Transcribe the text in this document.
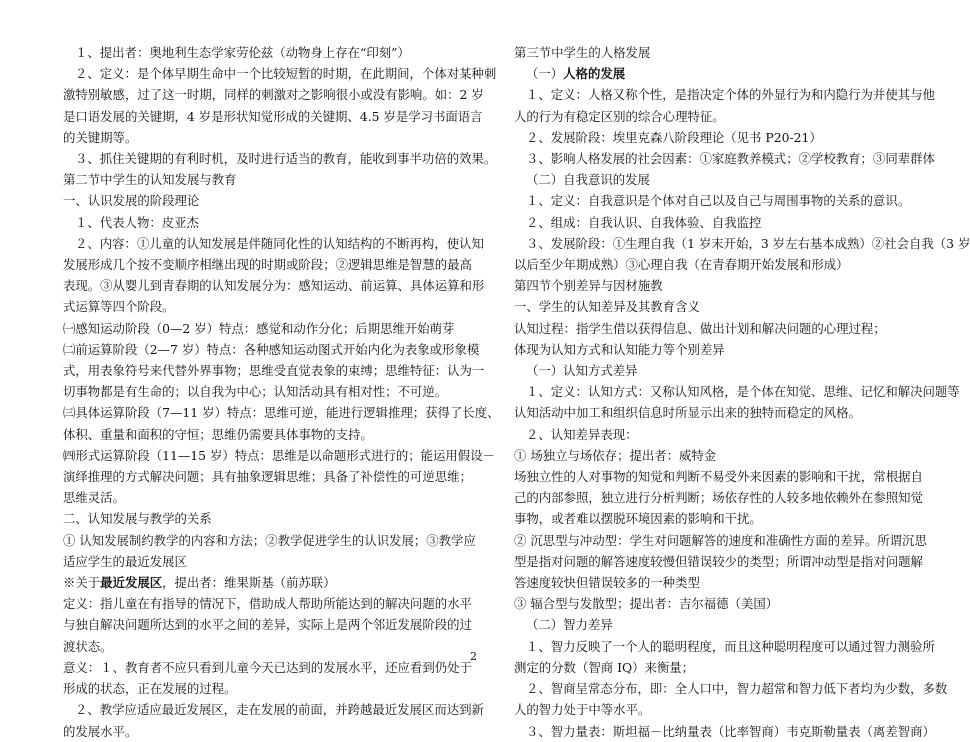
１、提出者：奥地利生态学家劳伦兹（动物身上存在“印刻”）

２、定义：是个体早期生命中一个比较短暂的时期，在此期间，个体对某种刺

激特别敏感，过了这一时期，同样的刺激对之影响很小或没有影响。如：2 岁

是口语发展的关键期，4 岁是形状知觉形成的关键期、4.5 岁是学习书面语言

的关键期等。

３、抓住关键期的有利时机，及时进行适当的教育，能收到事半功倍的效果。

第二节中学生的认知发展与教育

一、认识发展的阶段理论

１、代表人物：皮亚杰

２、内容：①儿童的认知发展是伴随同化性的认知结构的不断再构，使认知

发展形成几个按不变顺序相继出现的时期或阶段；②逻辑思维是智慧的最高

表现。③从婴儿到青春期的认知发展分为：感知运动、前运算、具体运算和形

式运算等四个阶段。

㈠感知运动阶段（0—2 岁）特点：感觉和动作分化；后期思维开始萌芽

㈡前运算阶段（2—7 岁）特点：各种感知运动图式开始内化为表象或形象模

式，用表象符号来代替外界事物；思维受直觉表象的束缚；思维特征：认为一

切事物都是有生命的；以自我为中心；认知活动具有相对性；不可逆。

㈢具体运算阶段（7—11 岁）特点：思维可逆，能进行逻辑推理；获得了长度、

体积、重量和面积的守恒；思维仍需要具体事物的支持。

㈣形式运算阶段（11—15 岁）特点：思维是以命题形式进行的；能运用假设－

演绎推理的方式解决问题；具有抽象逻辑思维；具备了补偿性的可逆思维；

思维灵活。

二、认知发展与教学的关系

① 认知发展制约教学的内容和方法；②教学促进学生的认识发展；③教学应

适应学生的最近发展区

※关于最近发展区，提出者：维果斯基（前苏联）

定义：指儿童在有指导的情况下，借助成人帮助所能达到的解决问题的水平

与独自解决问题所达到的水平之间的差异，实际上是两个邻近发展阶段的过

渡状态。

意义：１、教育者不应只看到儿童今天已达到的发展水平，还应看到仍处于

形成的状态，正在发展的过程。

２、教学应适应最近发展区，走在发展的前面，并跨越最近发展区而达到新

的发展水平。

第三节中学生的人格发展

（一）人格的发展

１、定义：人格又称个性，是指决定个体的外显行为和内隐行为并使其与他

人的行为有稳定区别的综合心理特征。

２、发展阶段：埃里克森八阶段理论（见书 P20-21）

３、影响人格发展的社会因素：①家庭教养模式；②学校教育；③同辈群体

（二）自我意识的发展

１、定义：自我意识是个体对自己以及自己与周围事物的关系的意识。

２、组成：自我认识、自我体验、自我监控

３、发展阶段：①生理自我（1 岁末开始，3 岁左右基本成熟）②社会自我（3 岁

以后至少年期成熟）③心理自我（在青春期开始发展和形成）

第四节个别差异与因材施教

一、学生的认知差异及其教育含义

认知过程：指学生借以获得信息、做出计划和解决问题的心理过程；

体现为认知方式和认知能力等个别差异

（一）认知方式差异

１、定义：认知方式：又称认知风格，是个体在知觉、思维、记忆和解决问题等

认知活动中加工和组织信息时所显示出来的独特而稳定的风格。

２、认知差异表现：

① 场独立与场依存；提出者：威特金

场独立性的人对事物的知觉和判断不易受外来因素的影响和干扰，常根据自

己的内部参照，独立进行分析判断；场依存性的人较多地依赖外在参照知觉

事物，或者难以摆脱环境因素的影响和干扰。

② 沉思型与冲动型：学生对问题解答的速度和准确性方面的差异。所谓沉思

型是指对问题的解答速度较慢但错误较少的类型；所谓冲动型是指对问题解

答速度较快但错误较多的一种类型

③ 辐合型与发散型；提出者：吉尔福德（美国）

（二）智力差异

１、智力反映了一个人的聪明程度，而且这种聪明程度可以通过智力测验所

测定的分数（智商 IQ）来衡量；

２、智商呈常态分布，即：全人口中，智力超常和智力低下者均为少数，多数

人的智力处于中等水平。

３、智力量表：斯坦福－比纳量表（比率智商）韦克斯勒量表（离差智商）

2
